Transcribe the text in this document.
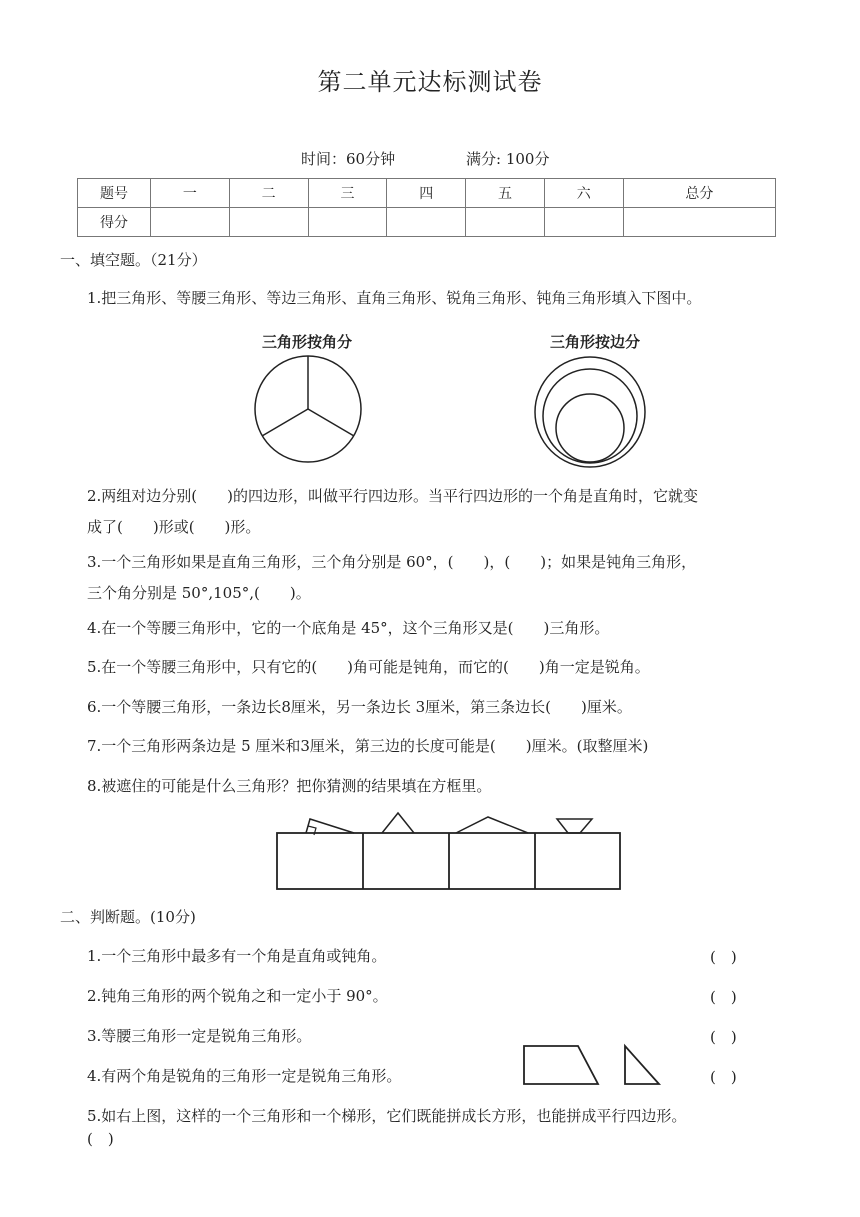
第二单元达标测试卷
时间：60分钟	满分: 100分
题号	一	二	三	四	五	六	总分
得分							
一、填空题。（21分）
1.把三角形、等腰三角形、等边三角形、直角三角形、锐角三角形、钝角三角形填入下图中。
三角形按角分	三角形按边分
2.两组对边分别(　　)的四边形，叫做平行四边形。当平行四边形的一个角是直角时，它就变
成了(　　)形或(　　)形。
3.一个三角形如果是直角三角形，三个角分别是 60°，(　　)，(　　)；如果是钝角三角形，
三个角分别是 50°,105°,(　　)。
4.在一个等腰三角形中，它的一个底角是 45°，这个三角形又是(　　)三角形。
5.在一个等腰三角形中，只有它的(　　)角可能是钝角，而它的(　　)角一定是锐角。
6.一个等腰三角形，一条边长8厘米，另一条边长 3厘米，第三条边长(　　)厘米。
7.一个三角形两条边是 5 厘米和3厘米，第三边的长度可能是(　　)厘米。(取整厘米)
8.被遮住的可能是什么三角形？把你猜测的结果填在方框里。
二、判断题。(10分)
1.一个三角形中最多有一个角是直角或钝角。	(　)
2.钝角三角形的两个锐角之和一定小于 90°。	(　)
3.等腰三角形一定是锐角三角形。	(　)
4.有两个角是锐角的三角形一定是锐角三角形。	(　)
5.如右上图，这样的一个三角形和一个梯形，它们既能拼成长方形，也能拼成平行四边形。
(　)
